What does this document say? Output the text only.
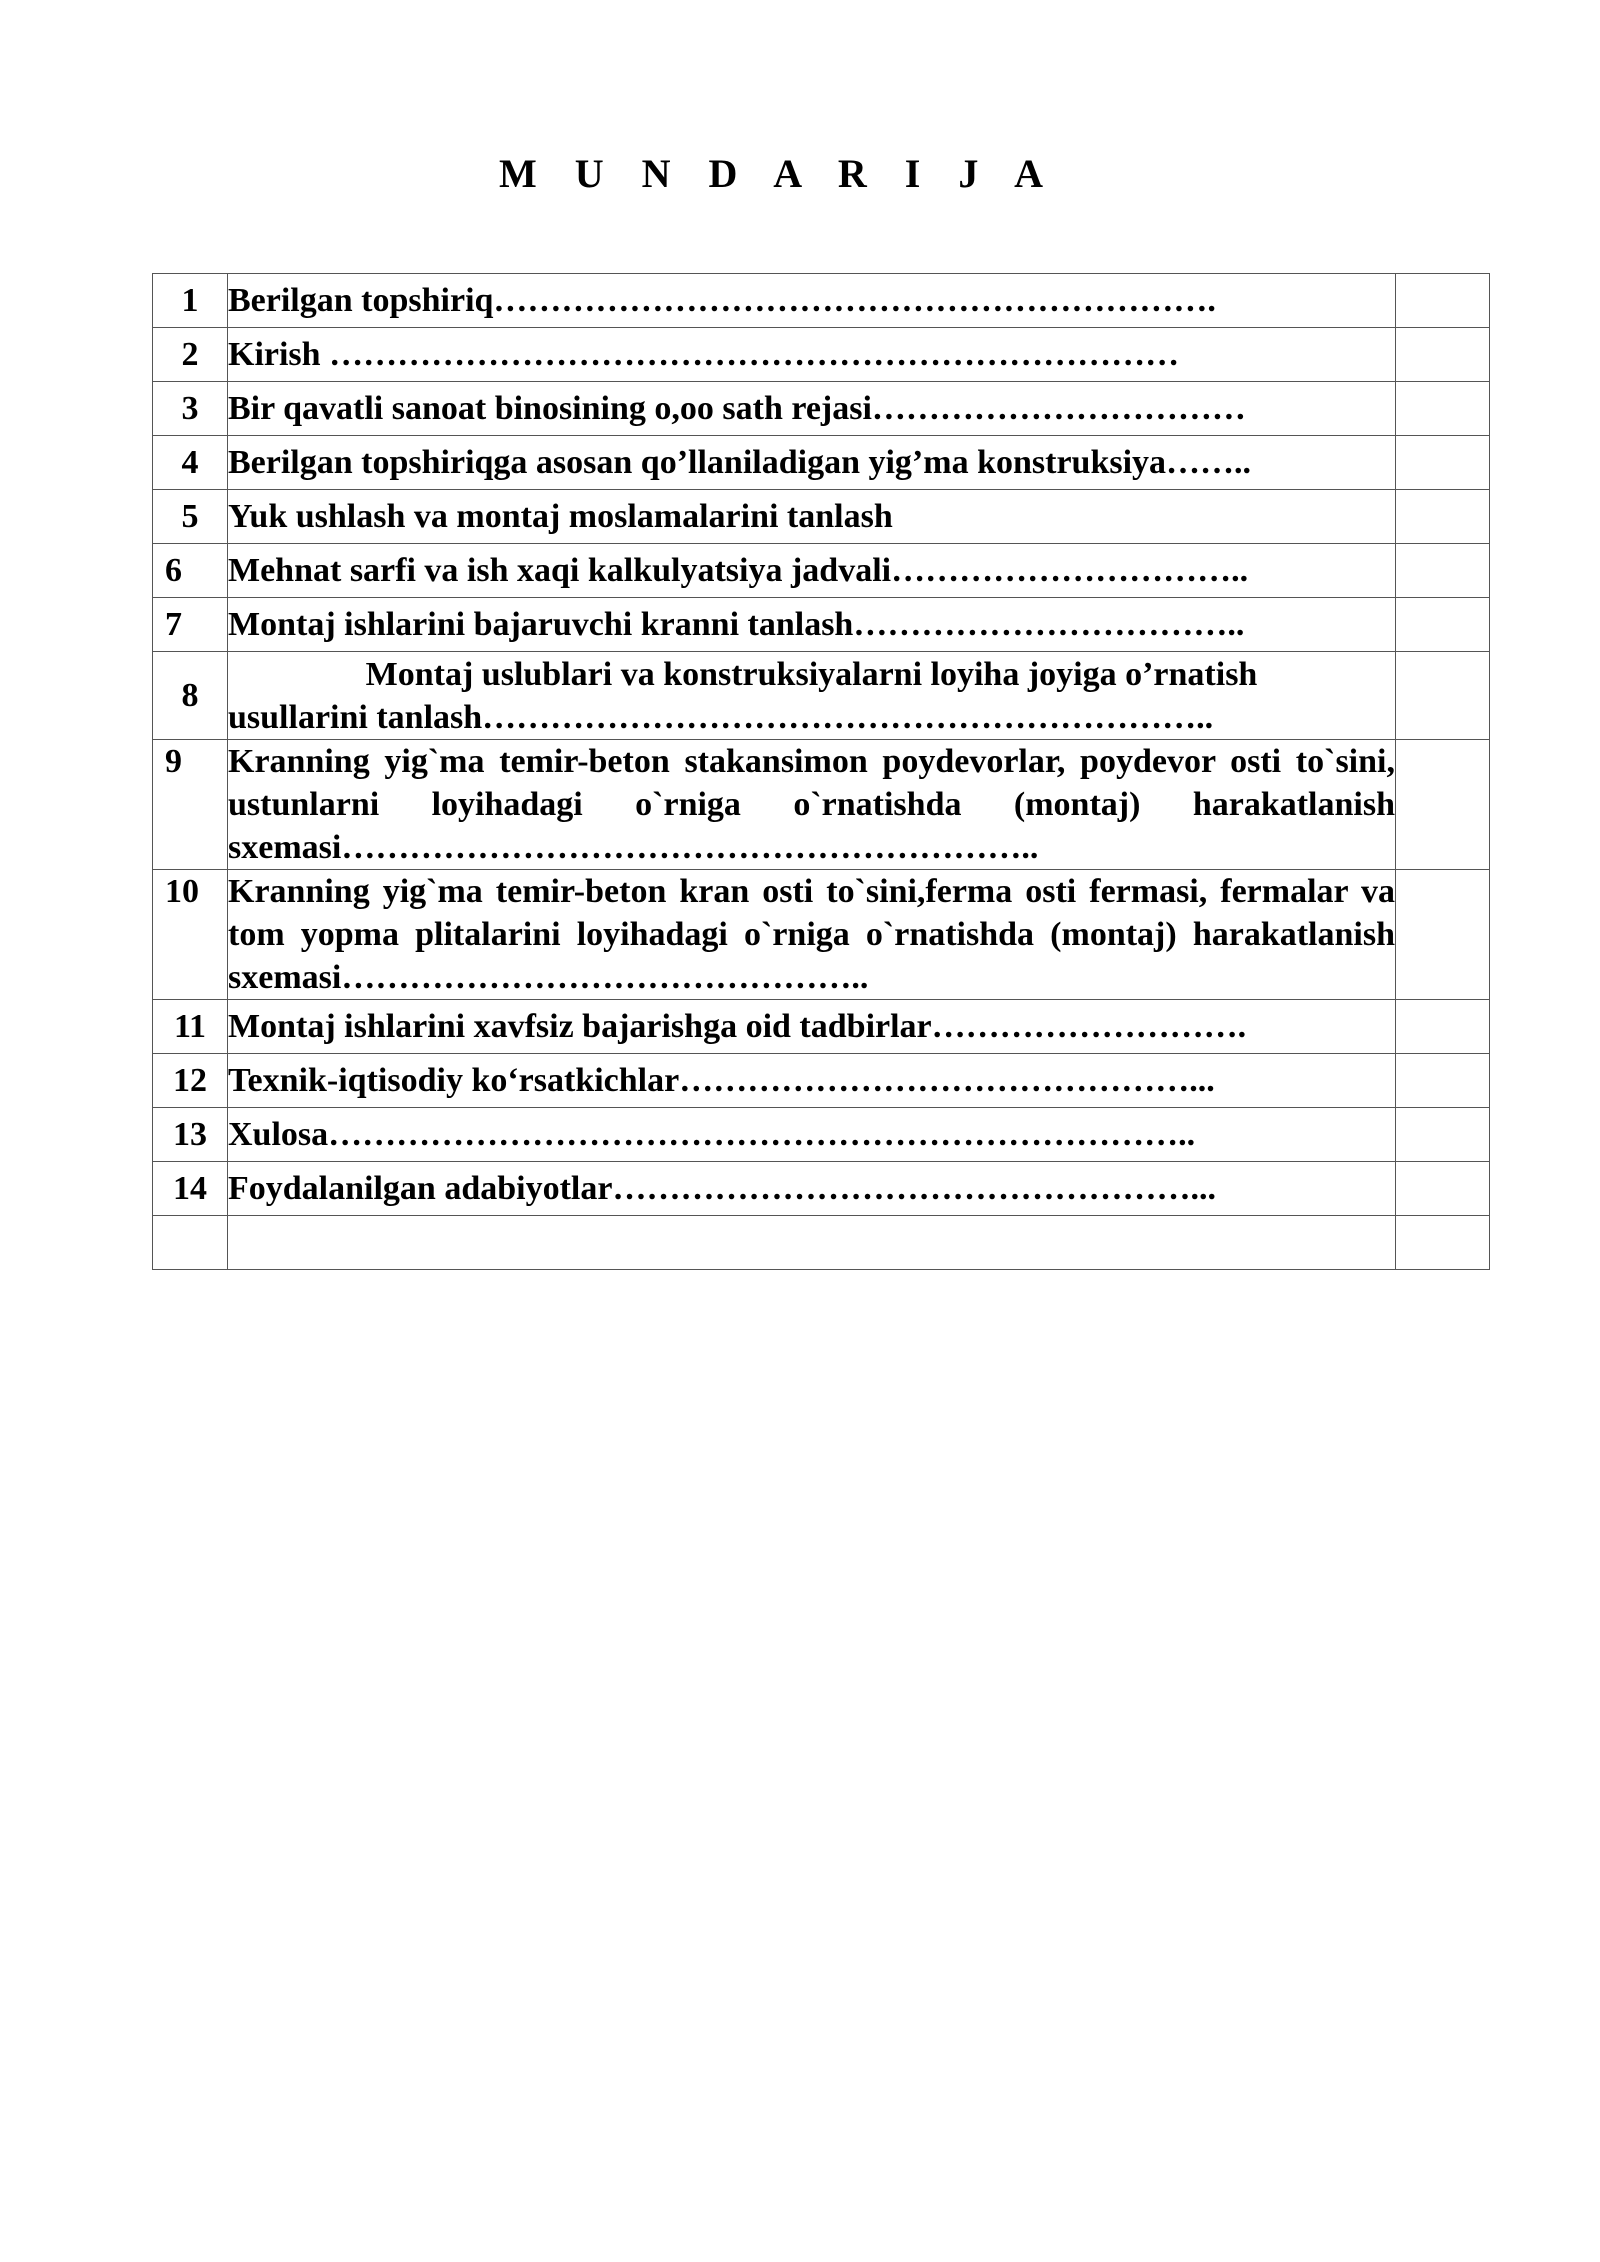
M U N D A R I J A
1	Berilgan topshiriq……………………………………………………….	
2	Kirish …………………………………………………………………	
3	Bir qavatli sanoat binosining o,oo sath rejasi……………………………	
4	Berilgan topshiriqga asosan qo’llaniladigan yig’ma konstruksiya……..	
5	Yuk ushlash va montaj moslamalarini tanlash	
6	Mehnat sarfi va ish xaqi kalkulyatsiya jadvali…………………………..	
7	Montaj ishlarini bajaruvchi kranni tanlash……………………………..	
8	Montaj uslublari va konstruksiyalarni loyiha joyiga o’rnatish
usullarini tanlash………………………………………………………..	

9	Kranning yig`ma temir-beton stakansimon poydevorlar, poydevor osti to`sini, ustunlarni loyihadagi o`rniga o`rnatishda (montaj) harakatlanish sxemasi……………………………………………………..	
10	Kranning yig`ma temir-beton kran osti to`sini,ferma osti fermasi, fermalar va tom yopma plitalarini loyihadagi o`rniga o`rnatishda (montaj) harakatlanish sxemasi………………………………………..	
11	Montaj ishlarini xavfsiz bajarishga oid tadbirlar……………………….	
12	Texnik-iqtisodiy ko‘rsatkichlar………………………………………...	
13	Xulosa…………………………………………………………………..	
14	Foydalanilgan adabiyotlar……………………………………………...	
